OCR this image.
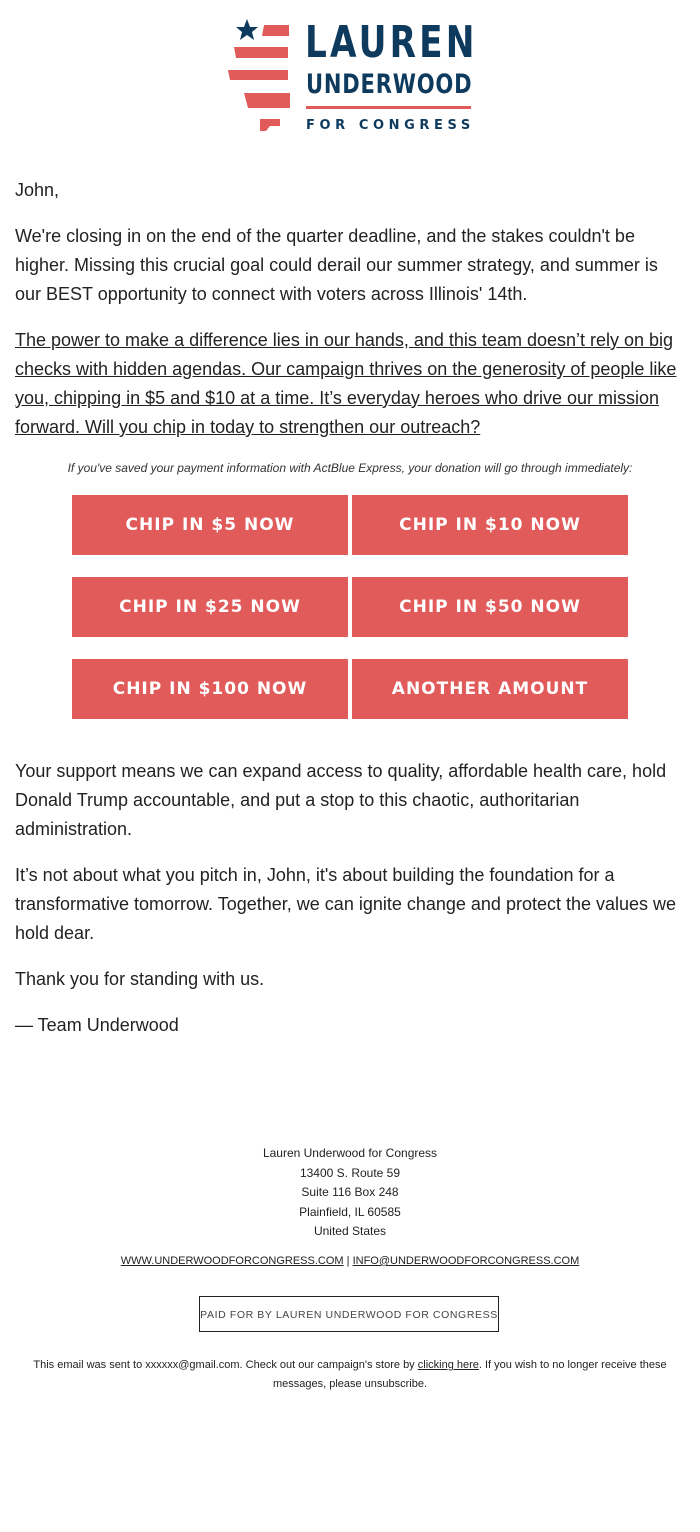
LAUREN
UNDERWOOD
FOR CONGRESS

John,

We're closing in on the end of the quarter deadline, and the stakes couldn't be higher. Missing this crucial goal could derail our summer strategy, and summer is our BEST opportunity to connect with voters across Illinois' 14th.

The power to make a difference lies in our hands, and this team doesn’t rely on big checks with hidden agendas. Our campaign thrives on the generosity of people like you, chipping in $5 and $10 at a time. It’s everyday heroes who drive our mission forward. Will you chip in today to strengthen our outreach?

If you've saved your payment information with ActBlue Express, your donation will go through immediately:
CHIP IN $5 NOW	CHIP IN $10 NOW
CHIP IN $25 NOW	CHIP IN $50 NOW
CHIP IN $100 NOW	ANOTHER AMOUNT

Your support means we can expand access to quality, affordable health care, hold Donald Trump accountable, and put a stop to this chaotic, authoritarian administration.

It’s not about what you pitch in, John, it's about building the foundation for a transformative tomorrow. Together, we can ignite change and protect the values we hold dear.

Thank you for standing with us.

— Team Underwood

Lauren Underwood for Congress
13400 S. Route 59
Suite 116 Box 248
Plainfield, IL 60585
United States
WWW.UNDERWOODFORCONGRESS.COM | INFO@UNDERWOODFORCONGRESS.COM
PAID FOR BY LAUREN UNDERWOOD FOR CONGRESS
This email was sent to xxxxxx@gmail.com. Check out our campaign's store by clicking here. If you wish to no longer receive these messages, please unsubscribe.
